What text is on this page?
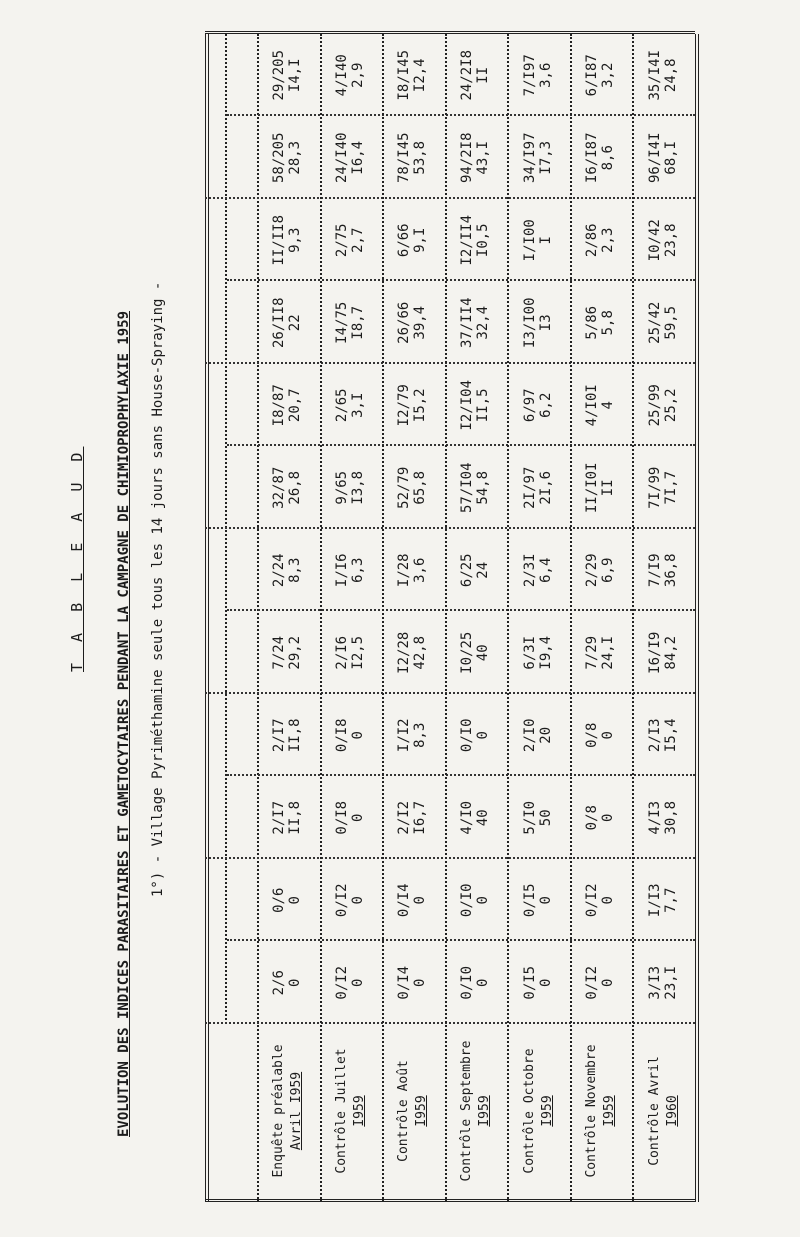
T A B L E A U D EVOLUTION DES INDICES PARASITAIRES ET GAMETOCYTAIRES PENDANT LA CAMPAGNE DE CHIMIOPROPHYLAXIE 1959 1°) - Village Pyriméthamine seule tous les 14 jours sans House-Spraying -
Enquête préalable Avril I959
2/6 0
0/6 0
2/I7 II,8
2/I7 II,8
7/24 29,2
2/24 8,3
32/87 26,8
I8/87 20,7
26/II8 22
II/II8 9,3
58/205 28,3
29/205 I4,I
Contrôle Juillet I959
0/I2 0
0/I2 0
0/I8 0
0/I8 0
2/I6 I2,5
I/I6 6,3
9/65 I3,8
2/65 3,I
I4/75 I8,7
2/75 2,7
24/I40 I6,4
4/I40 2,9
Contrôle Août I959
0/I4 0
0/I4 0
2/I2 I6,7
I/I2 8,3
I2/28 42,8
I/28 3,6
52/79 65,8
I2/79 I5,2
26/66 39,4
6/66 9,I
78/I45 53,8
I8/I45 I2,4
Contrôle Septembre I959
0/I0 0
0/I0 0
4/I0 40
0/I0 0
I0/25 40
6/25 24
57/I04 54,8
I2/I04 II,5
37/II4 32,4
I2/II4 I0,5
94/2I8 43,I
24/2I8 II
Contrôle Octobre I959
0/I5 0
0/I5 0
5/I0 50
2/I0 20
6/3I I9,4
2/3I 6,4
2I/97 2I,6
6/97 6,2
I3/I00 I3
I/I00 I
34/I97 I7,3
7/I97 3,6
Contrôle Novembre I959
0/I2 0
0/I2 0
0/8 0
0/8 0
7/29 24,I
2/29 6,9
II/I0I II
4/I0I 4
5/86 5,8
2/86 2,3
I6/I87 8,6
6/I87 3,2
Contrôle Avril I960
3/I3 23,I
I/I3 7,7
4/I3 30,8
2/I3 I5,4
I6/I9 84,2
7/I9 36,8
7I/99 7I,7
25/99 25,2
25/42 59,5
I0/42 23,8
96/I4I 68,I
35/I4I 24,8
